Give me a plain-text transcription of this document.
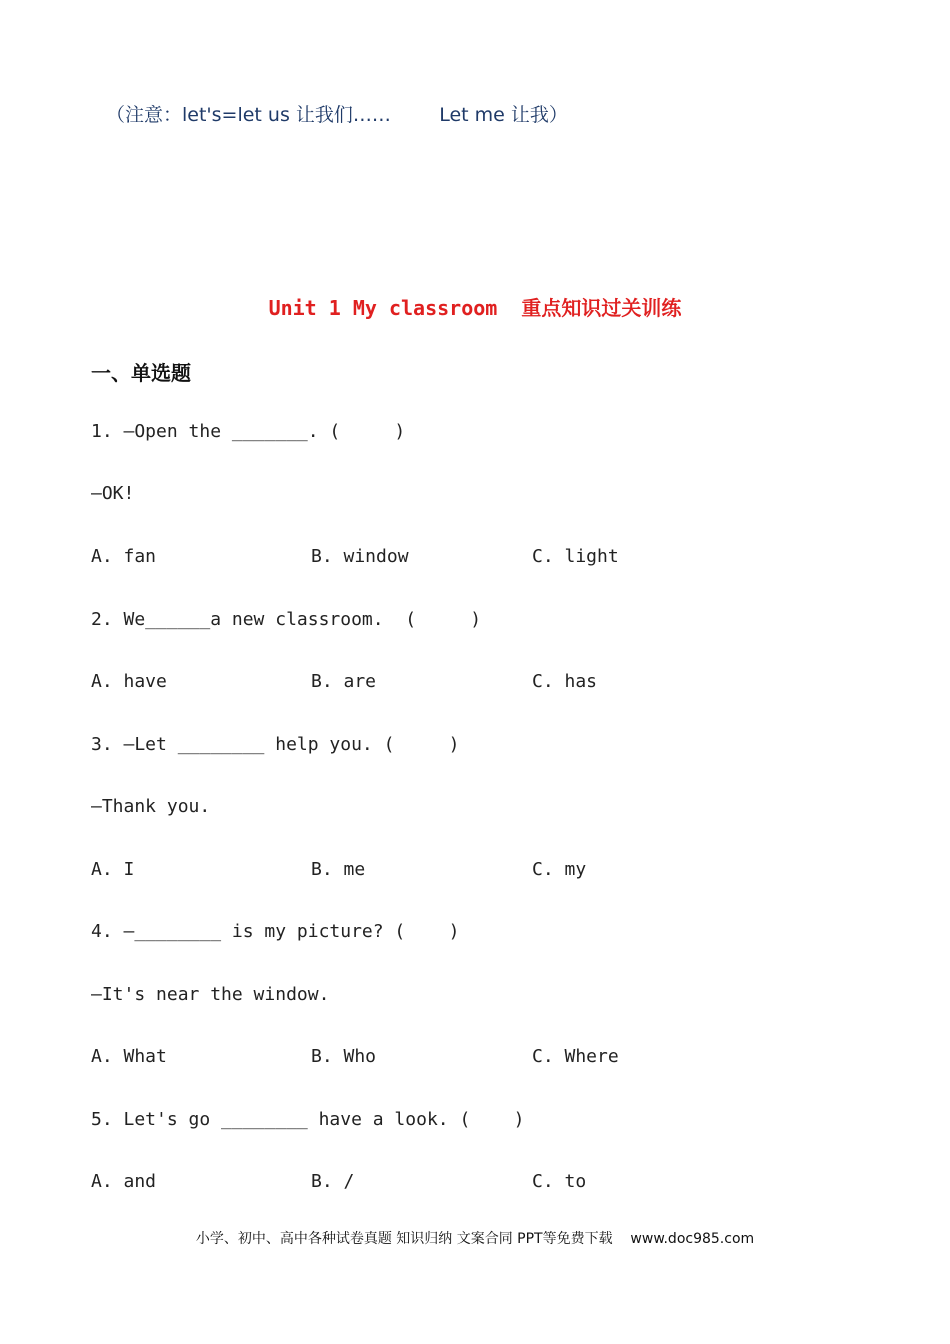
（注意：let's=let us 让我们……        Let me 让我）
Unit 1 My classroom  重点知识过关训练
一、单选题
1. —Open the _______. (     )
—OK!
A. fan	B. window	C. light
2. We______a new classroom.  (     )
A. have	B. are	C. has
3. —Let ________ help you. (     )
—Thank you.
A. I	B. me	C. my
4. —________ is my picture? (    )
—It's near the window.
A. What	B. Who	C. Where
5. Let's go ________ have a look. (    )
A. and	B. /	C. to
小学、初中、高中各种试卷真题 知识归纳 文案合同 PPT等免费下载    www.doc985.com
